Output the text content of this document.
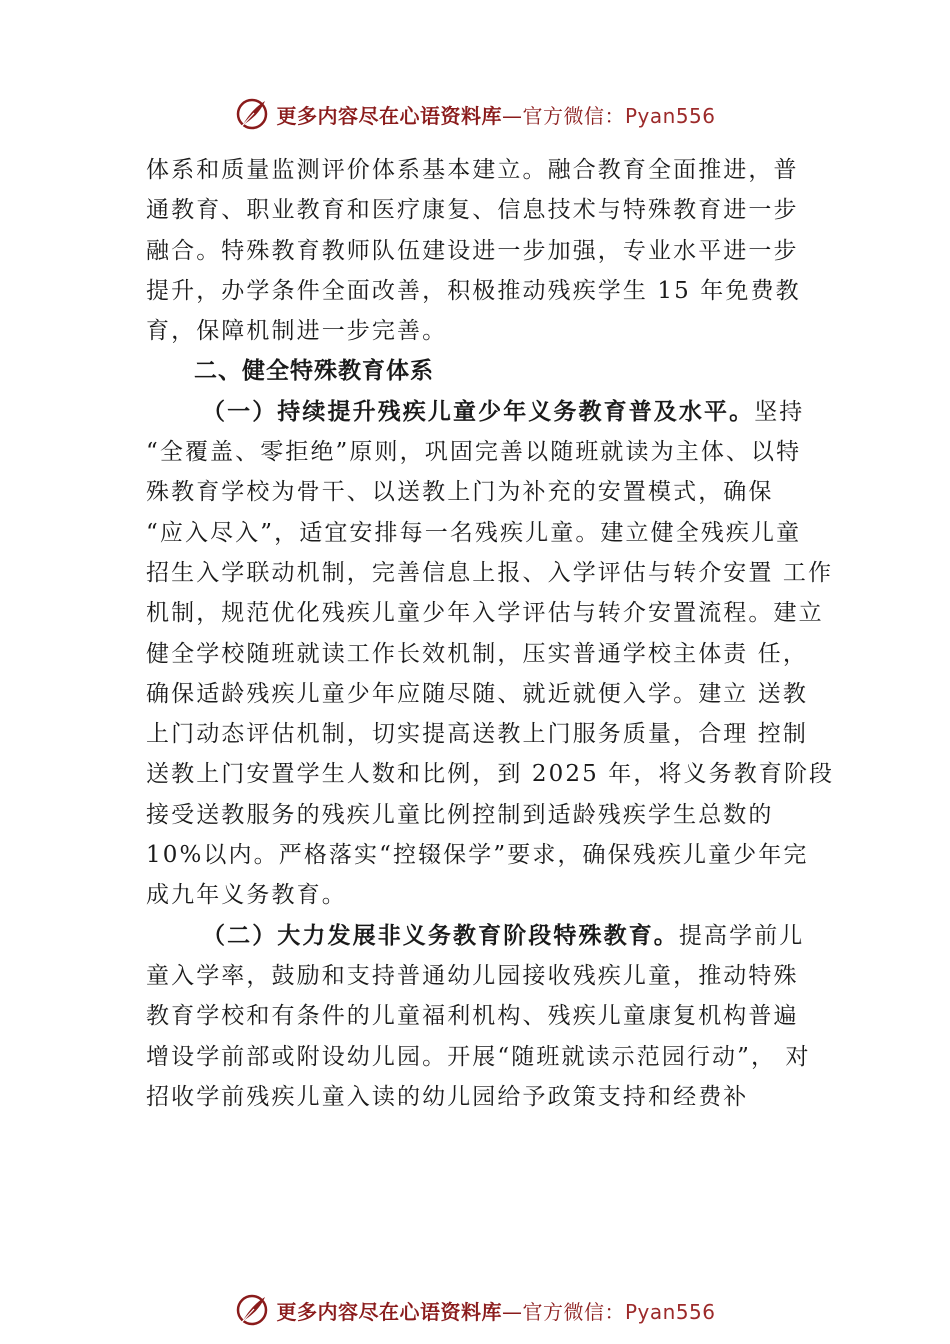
更多内容尽在心语资料库—官方微信：Pyan556
体系和质量监测评价体系基本建立。融合教育全面推进，普
通教育、职业教育和医疗康复、信息技术与特殊教育进一步
融合。特殊教育教师队伍建设进一步加强，专业水平进一步
提升，办学条件全面改善，积极推动残疾学生 15 年免费教
育，保障机制进一步完善。
二、健全特殊教育体系
（一）持续提升残疾儿童少年义务教育普及水平。坚持
“全覆盖、零拒绝”原则，巩固完善以随班就读为主体、以特
殊教育学校为骨干、以送教上门为补充的安置模式，确保
“应入尽入”，适宜安排每一名残疾儿童。建立健全残疾儿童
招生入学联动机制，完善信息上报、入学评估与转介安置 工作
机制，规范优化残疾儿童少年入学评估与转介安置流程。建立
健全学校随班就读工作长效机制，压实普通学校主体责 任，
确保适龄残疾儿童少年应随尽随、就近就便入学。建立 送教
上门动态评估机制，切实提高送教上门服务质量，合理 控制
送教上门安置学生人数和比例，到 2025 年，将义务教育阶段
接受送教服务的残疾儿童比例控制到适龄残疾学生总数的
10%以内。严格落实“控辍保学”要求，确保残疾儿童少年完
成九年义务教育。
（二）大力发展非义务教育阶段特殊教育。提高学前儿
童入学率，鼓励和支持普通幼儿园接收残疾儿童，推动特殊
教育学校和有条件的儿童福利机构、残疾儿童康复机构普遍
增设学前部或附设幼儿园。开展“随班就读示范园行动”， 对
招收学前残疾儿童入读的幼儿园给予政策支持和经费补
更多内容尽在心语资料库—官方微信：Pyan556
